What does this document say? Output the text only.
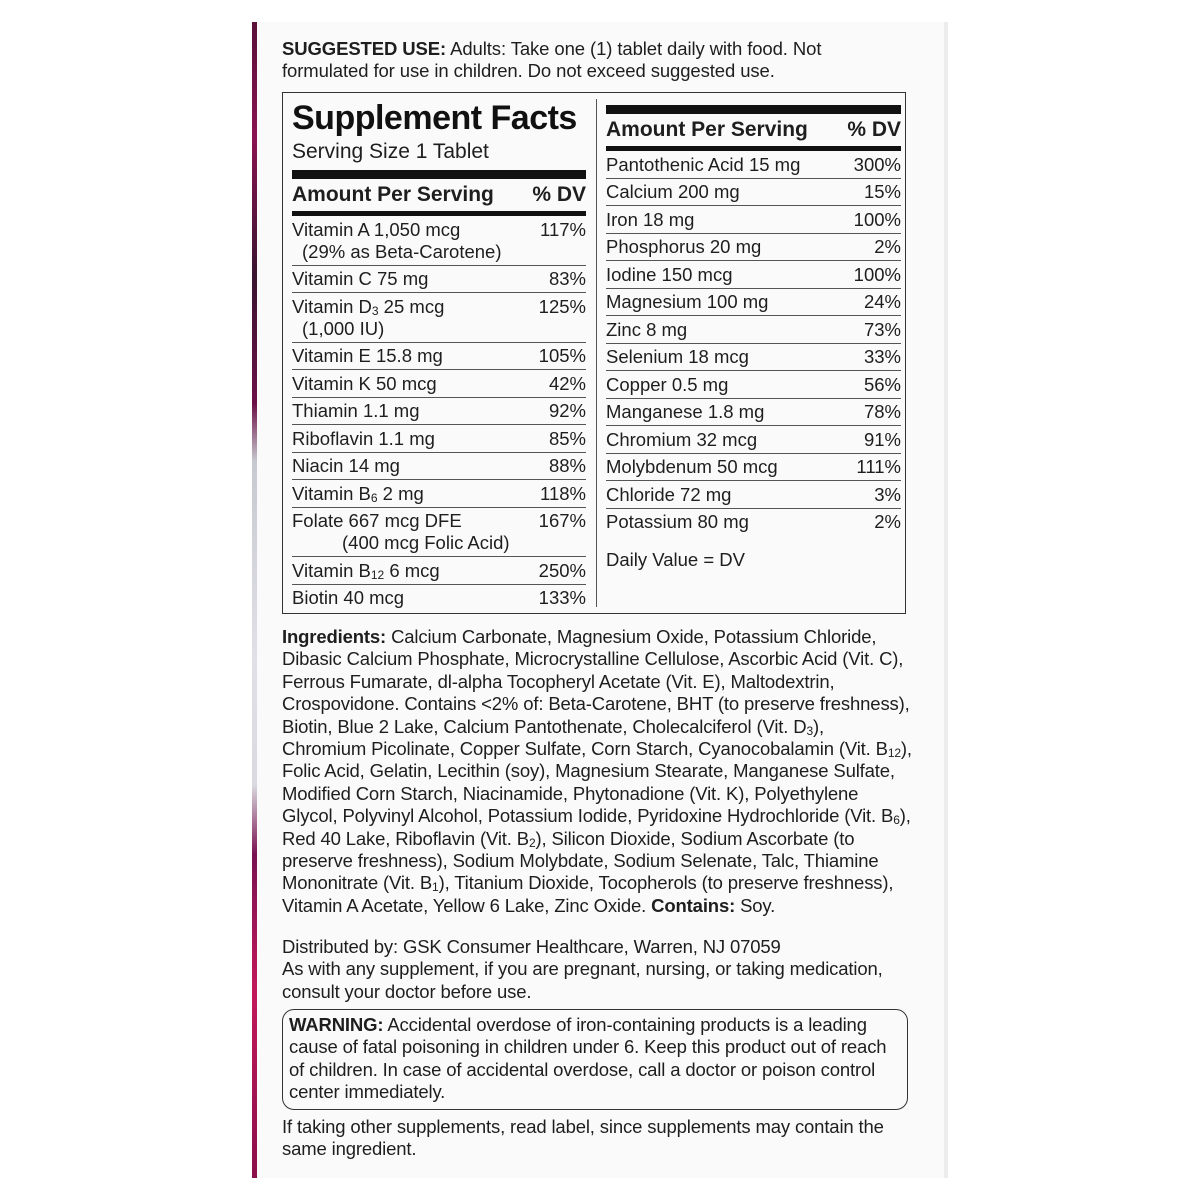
SUGGESTED USE: Adults: Take one (1) tablet daily with food. Not formulated for use in children. Do not exceed suggested use.

Supplement Facts
Serving Size 1 Tablet
Amount Per Serving % DV
Vitamin A 1,050 mcg
(29% as Beta-Carotene)
117%
Vitamin C 75 mg	83%
Vitamin $D_3$ 25 mcg
(1,000 IU)
125%
Vitamin E 15.8 mg	105%
Vitamin K 50 mcg	42%
Thiamin 1.1 mg	92%
Riboflavin 1.1 mg	85%
Niacin 14 mg	88%
Vitamin $B_6$ 2 mg	118%
Folate 667 mcg DFE
(400 mcg Folic Acid)
167%
Vitamin $B_{12}$ 6 mcg	250%
Biotin 40 mcg	133%
Amount Per Serving % DV
Pantothenic Acid 15 mg	300%
Calcium 200 mg	15%
Iron 18 mg	100%
Phosphorus 20 mg	2%
Iodine 150 mcg	100%
Magnesium 100 mg	24%
Zinc 8 mg	73%
Selenium 18 mcg	33%
Copper 0.5 mg	56%
Manganese 1.8 mg	78%
Chromium 32 mcg	91%
Molybdenum 50 mcg	111%
Chloride 72 mg	3%
Potassium 80 mg	2%
Daily Value = DV

Ingredients: Calcium Carbonate, Magnesium Oxide, Potassium Chloride, Dibasic Calcium Phosphate, Microcrystalline Cellulose, Ascorbic Acid (Vit. C), Ferrous Fumarate, dl-alpha Tocopheryl Acetate (Vit. E), Maltodextrin, Crospovidone. Contains <2% of: Beta-Carotene, BHT (to preserve freshness), Biotin, Blue 2 Lake, Calcium Pantothenate, Cholecalciferol (Vit. $D_3$), Chromium Picolinate, Copper Sulfate, Corn Starch, Cyanocobalamin (Vit. $B_{12}$), Folic Acid, Gelatin, Lecithin (soy), Magnesium Stearate, Manganese Sulfate, Modified Corn Starch, Niacinamide, Phytonadione (Vit. K), Polyethylene Glycol, Polyvinyl Alcohol, Potassium Iodide, Pyridoxine Hydrochloride (Vit. $B_6$), Red 40 Lake, Riboflavin (Vit. $B_2$), Silicon Dioxide, Sodium Ascorbate (to preserve freshness), Sodium Molybdate, Sodium Selenate, Talc, Thiamine Mononitrate (Vit. $B_1$), Titanium Dioxide, Tocopherols (to preserve freshness), Vitamin A Acetate, Yellow 6 Lake, Zinc Oxide. Contains: Soy.

Distributed by: GSK Consumer Healthcare, Warren, NJ 07059

As with any supplement, if you are pregnant, nursing, or taking medication, consult your doctor before use.

WARNING: Accidental overdose of iron-containing products is a leading cause of fatal poisoning in children under 6. Keep this product out of reach of children. In case of accidental overdose, call a doctor or poison control center immediately.

If taking other supplements, read label, since supplements may contain the same ingredient.
